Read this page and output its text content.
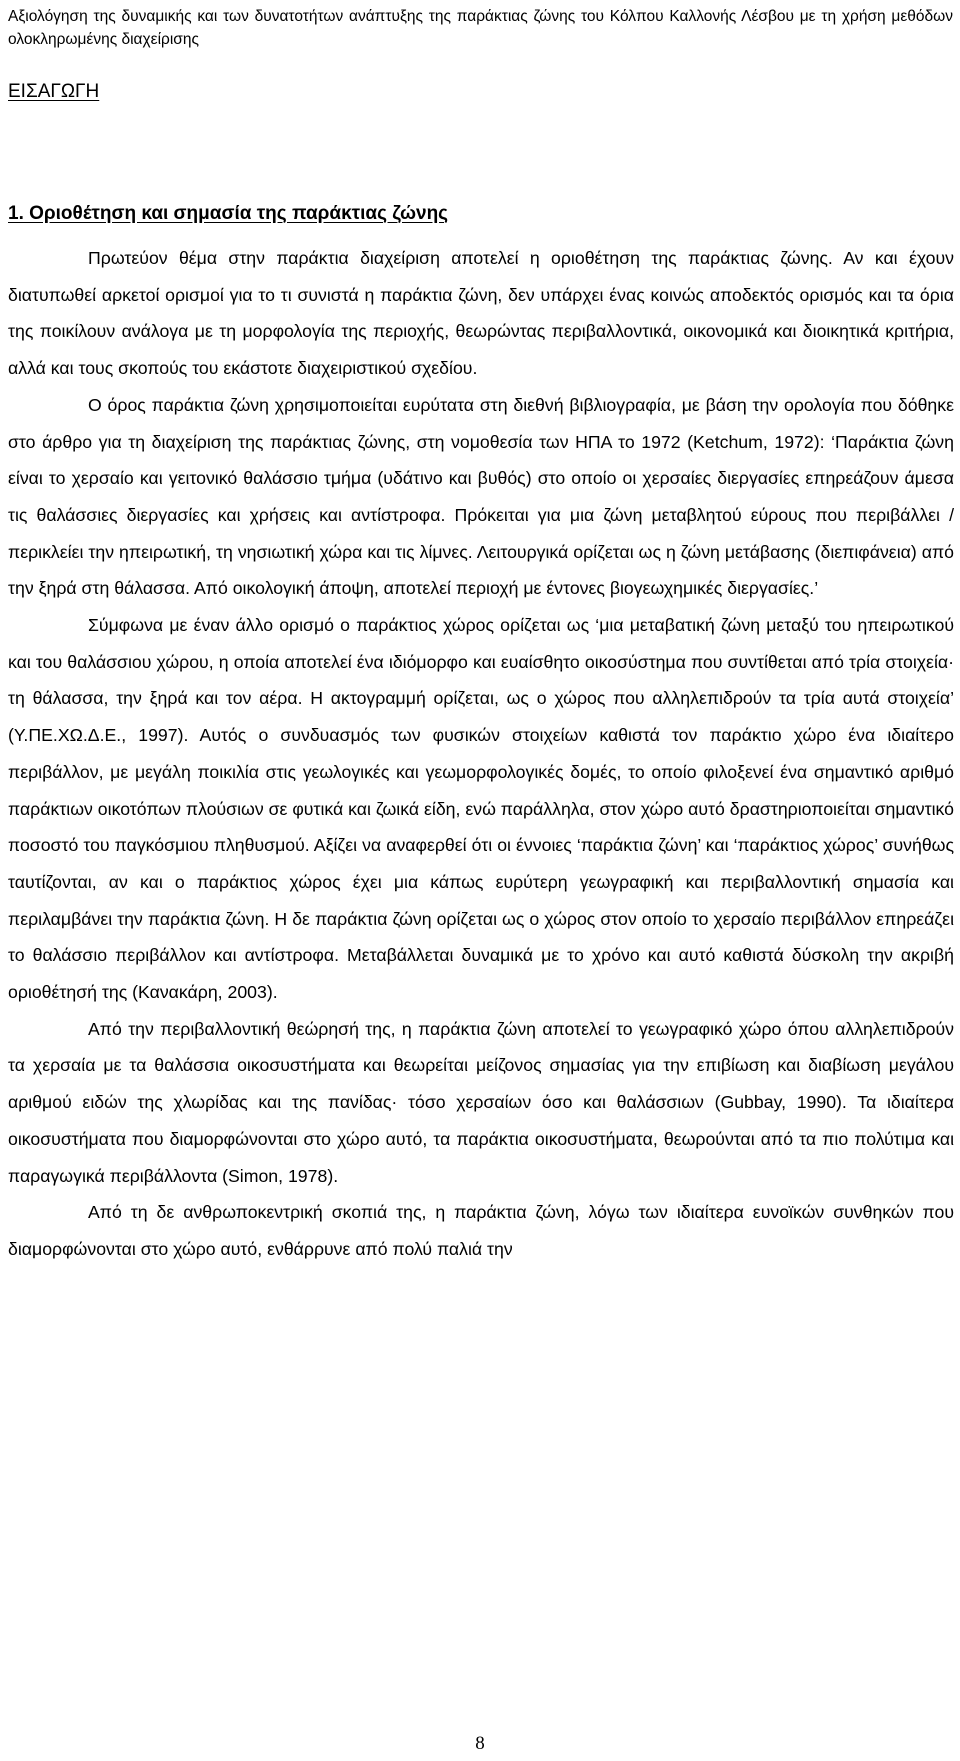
Αξιολόγηση της δυναμικής και των δυνατοτήτων ανάπτυξης της παράκτιας ζώνης του Κόλπου Καλλονής Λέσβου με τη χρήση μεθόδων ολοκληρωμένης διαχείρισης
ΕΙΣΑΓΩΓΗ
1. Οριοθέτηση και σημασία της παράκτιας ζώνης

Πρωτεύον θέμα στην παράκτια διαχείριση αποτελεί η οριοθέτηση της παράκτιας ζώνης. Αν και έχουν διατυπωθεί αρκετοί ορισμοί για το τι συνιστά η παράκτια ζώνη, δεν υπάρχει ένας κοινώς αποδεκτός ορισμός και τα όρια της ποικίλουν ανάλογα με τη μορφολογία της περιοχής, θεωρώντας περιβαλλοντικά, οικονομικά και διοικητικά κριτήρια, αλλά και τους σκοπούς του εκάστοτε διαχειριστικού σχεδίου.

Ο όρος παράκτια ζώνη χρησιμοποιείται ευρύτατα στη διεθνή βιβλιογραφία, με βάση την ορολογία που δόθηκε στο άρθρο για τη διαχείριση της παράκτιας ζώνης, στη νομοθεσία των ΗΠΑ το 1972 (Ketchum, 1972): ‘Παράκτια ζώνη είναι το χερσαίο και γειτονικό θαλάσσιο τμήμα (υδάτινο και βυθός) στο οποίο οι χερσαίες διεργασίες επηρεάζουν άμεσα τις θαλάσσιες διεργασίες και χρήσεις και αντίστροφα. Πρόκειται για μια ζώνη μεταβλητού εύρους που περιβάλλει / περικλείει την ηπειρωτική, τη νησιωτική χώρα και τις λίμνες. Λειτουργικά ορίζεται ως η ζώνη μετάβασης (διεπιφάνεια) από την ξηρά στη θάλασσα. Από οικολογική άποψη, αποτελεί περιοχή με έντονες βιογεωχημικές διεργασίες.’

Σύμφωνα με έναν άλλο ορισμό ο παράκτιος χώρος ορίζεται ως ‘μια μεταβατική ζώνη μεταξύ του ηπειρωτικού και του θαλάσσιου χώρου, η οποία αποτελεί ένα ιδιόμορφο και ευαίσθητο οικοσύστημα που συντίθεται από τρία στοιχεία· τη θάλασσα, την ξηρά και τον αέρα. Η ακτογραμμή ορίζεται, ως ο χώρος που αλληλεπιδρούν τα τρία αυτά στοιχεία’ (Υ.ΠΕ.ΧΩ.Δ.Ε., 1997). Αυτός ο συνδυασμός των φυσικών στοιχείων καθιστά τον παράκτιο χώρο ένα ιδιαίτερο περιβάλλον, με μεγάλη ποικιλία στις γεωλογικές και γεωμορφολογικές δομές, το οποίο φιλοξενεί ένα σημαντικό αριθμό παράκτιων οικοτόπων πλούσιων σε φυτικά και ζωικά είδη, ενώ παράλληλα, στον χώρο αυτό δραστηριοποιείται σημαντικό ποσοστό του παγκόσμιου πληθυσμού. Αξίζει να αναφερθεί ότι οι έννοιες ‘παράκτια ζώνη’ και ‘παράκτιος χώρος’ συνήθως ταυτίζονται, αν και ο παράκτιος χώρος έχει μια κάπως ευρύτερη γεωγραφική και περιβαλλοντική σημασία και περιλαμβάνει την παράκτια ζώνη. Η δε παράκτια ζώνη ορίζεται ως ο χώρος στον οποίο το χερσαίο περιβάλλον επηρεάζει το θαλάσσιο περιβάλλον και αντίστροφα. Μεταβάλλεται δυναμικά με το χρόνο και αυτό καθιστά δύσκολη την ακριβή οριοθέτησή της (Κανακάρη, 2003).

Από την περιβαλλοντική θεώρησή της, η παράκτια ζώνη αποτελεί το γεωγραφικό χώρο όπου αλληλεπιδρούν τα χερσαία με τα θαλάσσια οικοσυστήματα και θεωρείται μείζονος σημασίας για την επιβίωση και διαβίωση μεγάλου αριθμού ειδών της χλωρίδας και της πανίδας· τόσο χερσαίων όσο και θαλάσσιων (Gubbay, 1990). Τα ιδιαίτερα οικοσυστήματα που διαμορφώνονται στο χώρο αυτό, τα παράκτια οικοσυστήματα, θεωρούνται από τα πιο πολύτιμα και παραγωγικά περιβάλλοντα (Simon, 1978).

Από τη δε ανθρωποκεντρική σκοπιά της, η παράκτια ζώνη, λόγω των ιδιαίτερα ευνοϊκών συνθηκών που διαμορφώνονται στο χώρο αυτό, ενθάρρυνε από πολύ παλιά την

8
